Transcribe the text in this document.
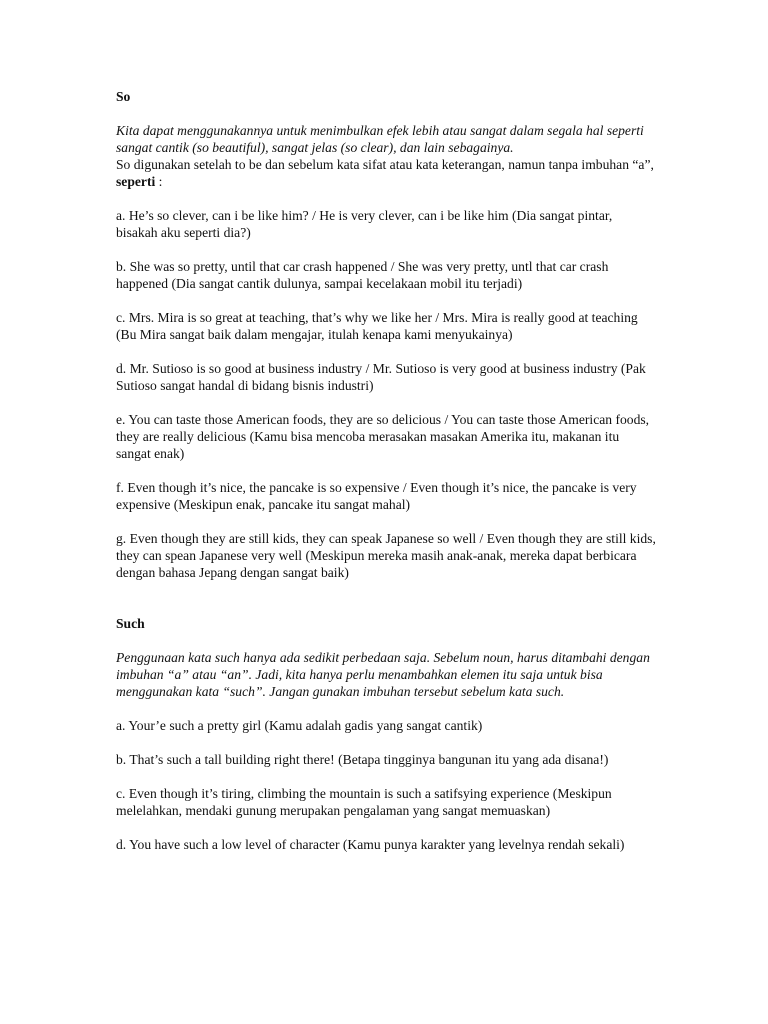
So

Kita dapat menggunakannya untuk menimbulkan efek lebih atau sangat dalam segala hal seperti sangat cantik (so beautiful), sangat jelas (so clear), dan lain sebagainya.
So digunakan setelah to be dan sebelum kata sifat atau kata keterangan, namun tanpa imbuhan “a”, seperti :

a. He’s so clever, can i be like him? / He is very clever, can i be like him (Dia sangat pintar, bisakah aku seperti dia?)

b. She was so pretty, until that car crash happened / She was very pretty, untl that car crash happened (Dia sangat cantik dulunya, sampai kecelakaan mobil itu terjadi)

c. Mrs. Mira is so great at teaching, that’s why we like her / Mrs. Mira is really good at teaching (Bu Mira sangat baik dalam mengajar, itulah kenapa kami menyukainya)

d. Mr. Sutioso is so good at business industry / Mr. Sutioso is very good at business industry (Pak Sutioso sangat handal di bidang bisnis industri)

e. You can taste those American foods, they are so delicious / You can taste those American foods, they are really delicious (Kamu bisa mencoba merasakan masakan Amerika itu, makanan itu sangat enak)

f. Even though it’s nice, the pancake is so expensive / Even though it’s nice, the pancake is very expensive (Meskipun enak, pancake itu sangat mahal)

g. Even though they are still kids, they can speak Japanese so well / Even though they are still kids, they can spean Japanese very well (Meskipun mereka masih anak-anak, mereka dapat berbicara dengan bahasa Jepang dengan sangat baik)

Such

Penggunaan kata such hanya ada sedikit perbedaan saja. Sebelum noun, harus ditambahi dengan imbuhan “a” atau “an”. Jadi, kita hanya perlu menambahkan elemen itu saja untuk bisa menggunakan kata “such”. Jangan gunakan imbuhan tersebut sebelum kata such.

a. Your’e such a pretty girl (Kamu adalah gadis yang sangat cantik)

b. That’s such a tall building right there! (Betapa tingginya bangunan itu yang ada disana!)

c. Even though it’s tiring, climbing the mountain is such a satifsying experience (Meskipun melelahkan, mendaki gunung merupakan pengalaman yang sangat memuaskan)

d. You have such a low level of character (Kamu punya karakter yang levelnya rendah sekali)
